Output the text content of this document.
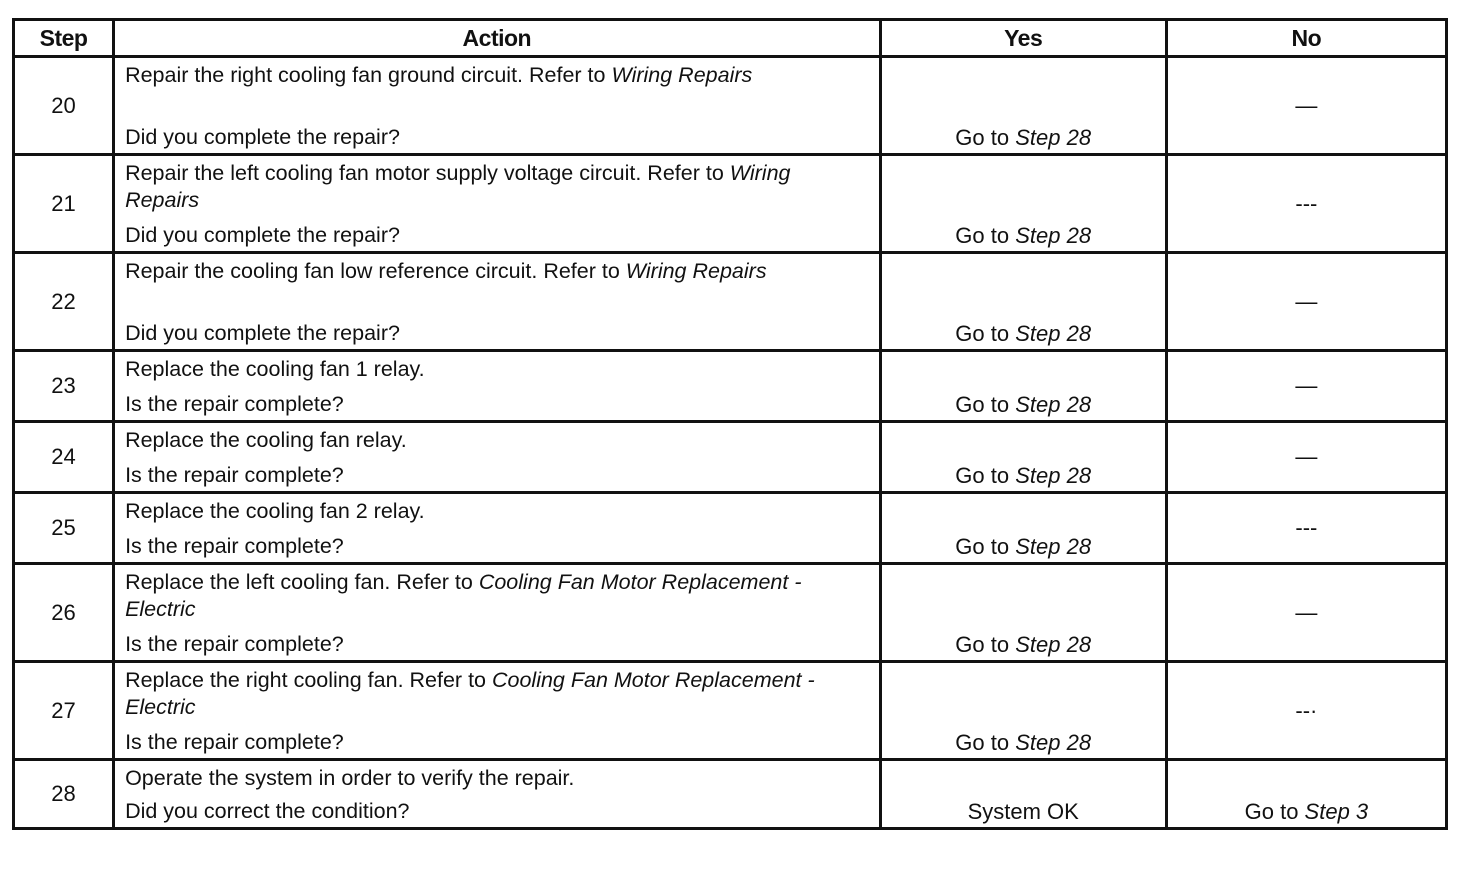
Step	Action	Yes	No
20	Repair the right cooling fan ground circuit. Refer to Wiring Repairs
Did you complete the repair?	Go to Step 28	—

21	Repair the left cooling fan motor supply voltage circuit. Refer to Wiring Repairs
Did you complete the repair?	Go to Step 28	---

22	Repair the cooling fan low reference circuit. Refer to Wiring Repairs
Did you complete the repair?	Go to Step 28	—

23	Replace the cooling fan 1 relay.
Is the repair complete?	Go to Step 28	—

24	Replace the cooling fan relay.
Is the repair complete?	Go to Step 28	—

25	Replace the cooling fan 2 relay.
Is the repair complete?	Go to Step 28	---

26	Replace the left cooling fan. Refer to Cooling Fan Motor Replacement - Electric
Is the repair complete?	Go to Step 28	—

27	Replace the right cooling fan. Refer to Cooling Fan Motor Replacement - Electric
Is the repair complete?	Go to Step 28	--·

28	Operate the system in order to verify the repair.
Did you correct the condition?	System OK	Go to Step 3
